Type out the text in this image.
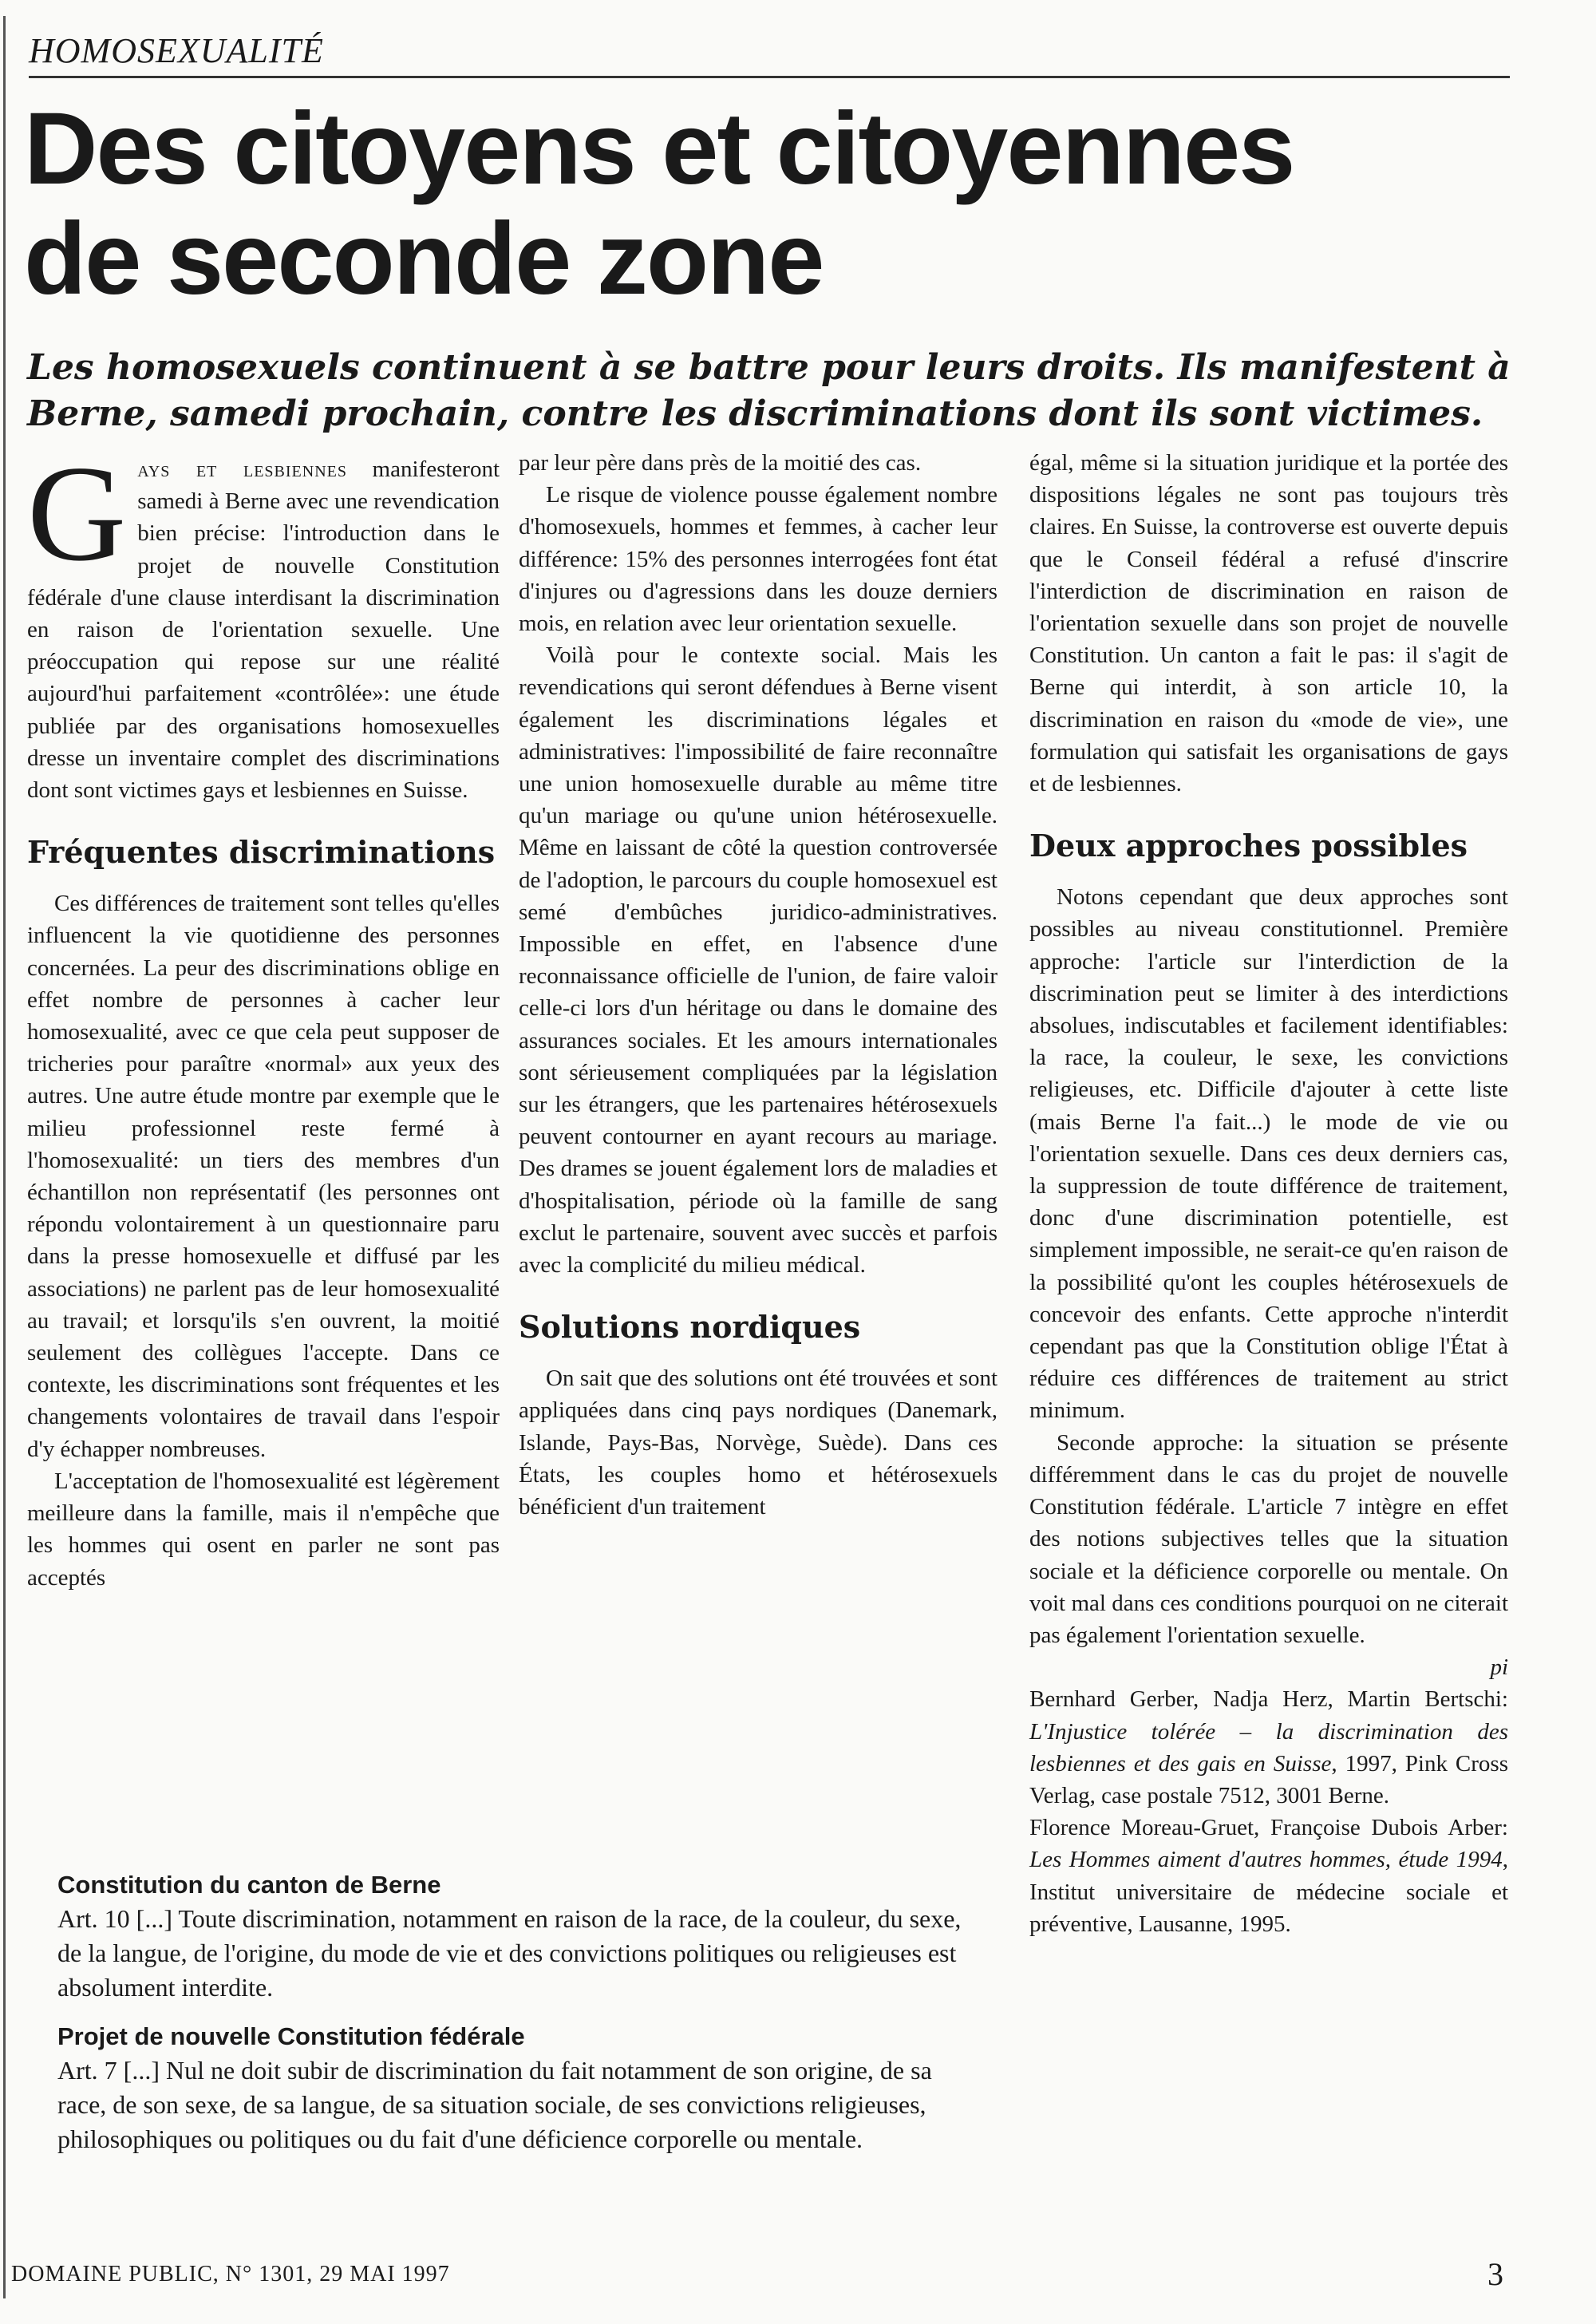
HOMOSEXUALITÉ
Des citoyens et citoyennes
de seconde zone
Les homosexuels continuent à se battre pour leurs droits. Ils manifestent à
Berne, samedi prochain, contre les discriminations dont ils sont victimes.

Gays et lesbiennes manifesteront samedi à Berne avec une revendication bien précise: l'introduction dans le projet de nouvelle Constitution fédérale d'une clause interdisant la discrimination en raison de l'orientation sexuelle. Une préoccupation qui repose sur une réalité aujourd'hui parfaitement «contrôlée»: une étude publiée par des organisations homosexuelles dresse un inventaire complet des discriminations dont sont victimes gays et lesbiennes en Suisse.

Fréquentes discriminations

Ces différences de traitement sont telles qu'elles influencent la vie quotidienne des personnes concernées. La peur des discriminations oblige en effet nombre de personnes à cacher leur homosexualité, avec ce que cela peut supposer de tricheries pour paraître «normal» aux yeux des autres. Une autre étude montre par exemple que le milieu professionnel reste fermé à l'homosexualité: un tiers des membres d'un échantillon non représentatif (les personnes ont répondu volontairement à un questionnaire paru dans la presse homosexuelle et diffusé par les associations) ne parlent pas de leur homosexualité au travail; et lorsqu'ils s'en ouvrent, la moitié seulement des collègues l'accepte. Dans ce contexte, les discriminations sont fréquentes et les changements volontaires de travail dans l'espoir d'y échapper nombreuses.

L'acceptation de l'homosexualité est légèrement meilleure dans la famille, mais il n'empêche que les hommes qui osent en parler ne sont pas acceptés

par leur père dans près de la moitié des cas.

Le risque de violence pousse également nombre d'homosexuels, hommes et femmes, à cacher leur différence: 15% des personnes interrogées font état d'injures ou d'agressions dans les douze derniers mois, en relation avec leur orientation sexuelle.

Voilà pour le contexte social. Mais les revendications qui seront défendues à Berne visent également les discriminations légales et administratives: l'impossibilité de faire reconnaître une union homosexuelle durable au même titre qu'un mariage ou qu'une union hétérosexuelle. Même en laissant de côté la question controversée de l'adoption, le parcours du couple homosexuel est semé d'embûches juridico-administratives. Impossible en effet, en l'absence d'une reconnaissance officielle de l'union, de faire valoir celle-ci lors d'un héritage ou dans le domaine des assurances sociales. Et les amours internationales sont sérieusement compliquées par la législation sur les étrangers, que les partenaires hétérosexuels peuvent contourner en ayant recours au mariage. Des drames se jouent également lors de maladies et d'hospitalisation, période où la famille de sang exclut le partenaire, souvent avec succès et parfois avec la complicité du milieu médical.

Solutions nordiques

On sait que des solutions ont été trouvées et sont appliquées dans cinq pays nordiques (Danemark, Islande, Pays-Bas, Norvège, Suède). Dans ces États, les couples homo et hétérosexuels bénéficient d'un traitement

égal, même si la situation juridique et la portée des dispositions légales ne sont pas toujours très claires. En Suisse, la controverse est ouverte depuis que le Conseil fédéral a refusé d'inscrire l'interdiction de discrimination en raison de l'orientation sexuelle dans son projet de nouvelle Constitution. Un canton a fait le pas: il s'agit de Berne qui interdit, à son article 10, la discrimination en raison du «mode de vie», une formulation qui satisfait les organisations de gays et de lesbiennes.

Deux approches possibles

Notons cependant que deux approches sont possibles au niveau constitutionnel. Première approche: l'article sur l'interdiction de la discrimination peut se limiter à des interdictions absolues, indiscutables et facilement identifiables: la race, la couleur, le sexe, les convictions religieuses, etc. Difficile d'ajouter à cette liste (mais Berne l'a fait...) le mode de vie ou l'orientation sexuelle. Dans ces deux derniers cas, la suppression de toute différence de traitement, donc d'une discrimination potentielle, est simplement impossible, ne serait-ce qu'en raison de la possibilité qu'ont les couples hétérosexuels de concevoir des enfants. Cette approche n'interdit cependant pas que la Constitution oblige l'État à réduire ces différences de traitement au strict minimum.

Seconde approche: la situation se présente différemment dans le cas du projet de nouvelle Constitution fédérale. L'article 7 intègre en effet des notions subjectives telles que la situation sociale et la déficience corporelle ou mentale. On voit mal dans ces conditions pourquoi on ne citerait pas également l'orientation sexuelle.

pi

Bernhard Gerber, Nadja Herz, Martin Bertschi: L'Injustice tolérée – la discrimination des lesbiennes et des gais en Suisse, 1997, Pink Cross Verlag, case postale 7512, 3001 Berne.

Florence Moreau-Gruet, Françoise Dubois Arber: Les Hommes aiment d'autres hommes, étude 1994, Institut universitaire de médecine sociale et préventive, Lausanne, 1995.

Constitution du canton de Berne

Art. 10 [...] Toute discrimination, notamment en raison de la race, de la couleur, du sexe, de la langue, de l'origine, du mode de vie et des convictions politiques ou religieuses est absolument interdite.

Projet de nouvelle Constitution fédérale

Art. 7 [...] Nul ne doit subir de discrimination du fait notamment de son origine, de sa race, de son sexe, de sa langue, de sa situation sociale, de ses convictions religieuses, philosophiques ou politiques ou du fait d'une déficience corporelle ou mentale.

DOMAINE PUBLIC, N° 1301, 29 MAI 1997	3
